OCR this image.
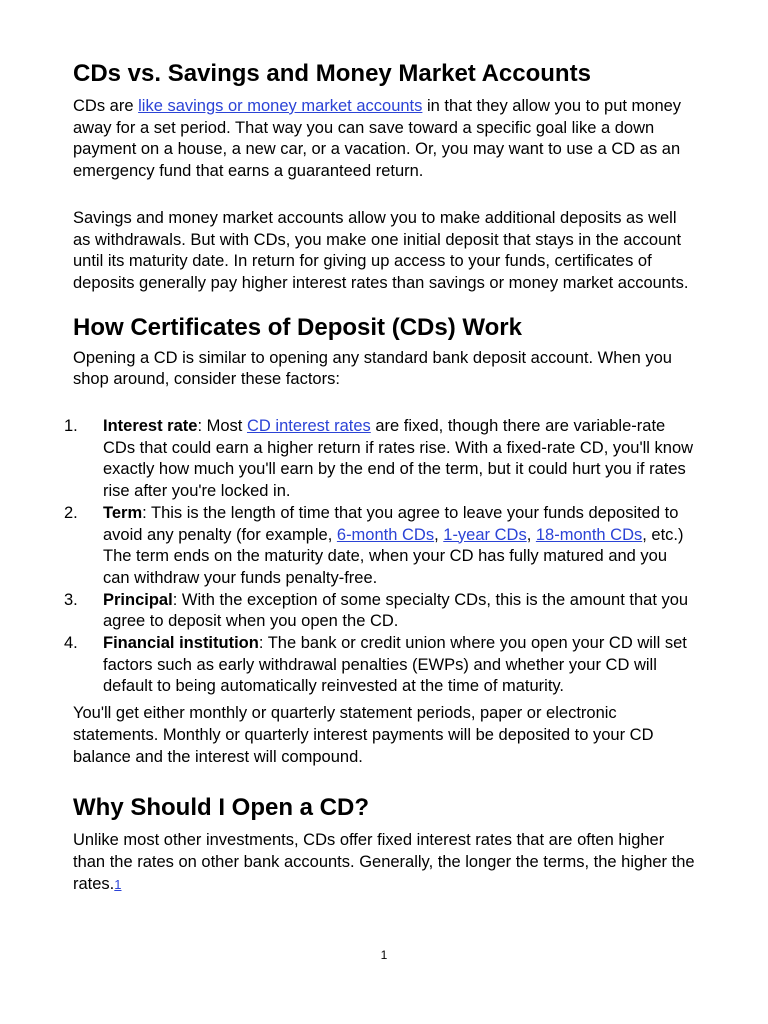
CDs vs. Savings and Money Market Accounts

CDs are like savings or money market accounts in that they allow you to put money away for a set period. That way you can save toward a specific goal like a down payment on a house, a new car, or a vacation. Or, you may want to use a CD as an emergency fund that earns a guaranteed return.

Savings and money market accounts allow you to make additional deposits as well as withdrawals. But with CDs, you make one initial deposit that stays in the account until its maturity date. In return for giving up access to your funds, certificates of deposits generally pay higher interest rates than savings or money market accounts.

How Certificates of Deposit (CDs) Work

Opening a CD is similar to opening any standard bank deposit account. When you shop around, consider these factors:

1. Interest rate: Most CD interest rates are fixed, though there are variable-rate CDs that could earn a higher return if rates rise. With a fixed-rate CD, you'll know exactly how much you'll earn by the end of the term, but it could hurt you if rates rise after you're locked in.
2. Term: This is the length of time that you agree to leave your funds deposited to avoid any penalty (for example, 6-month CDs, 1-year CDs, 18-month CDs, etc.) The term ends on the maturity date, when your CD has fully matured and you can withdraw your funds penalty-free.
3. Principal: With the exception of some specialty CDs, this is the amount that you agree to deposit when you open the CD.
4. Financial institution: The bank or credit union where you open your CD will set factors such as early withdrawal penalties (EWPs) and whether your CD will default to being automatically reinvested at the time of maturity.

You'll get either monthly or quarterly statement periods, paper or electronic statements. Monthly or quarterly interest payments will be deposited to your CD balance and the interest will compound.

Why Should I Open a CD?

Unlike most other investments, CDs offer fixed interest rates that are often higher than the rates on other bank accounts. Generally, the longer the terms, the higher the rates.1

1
